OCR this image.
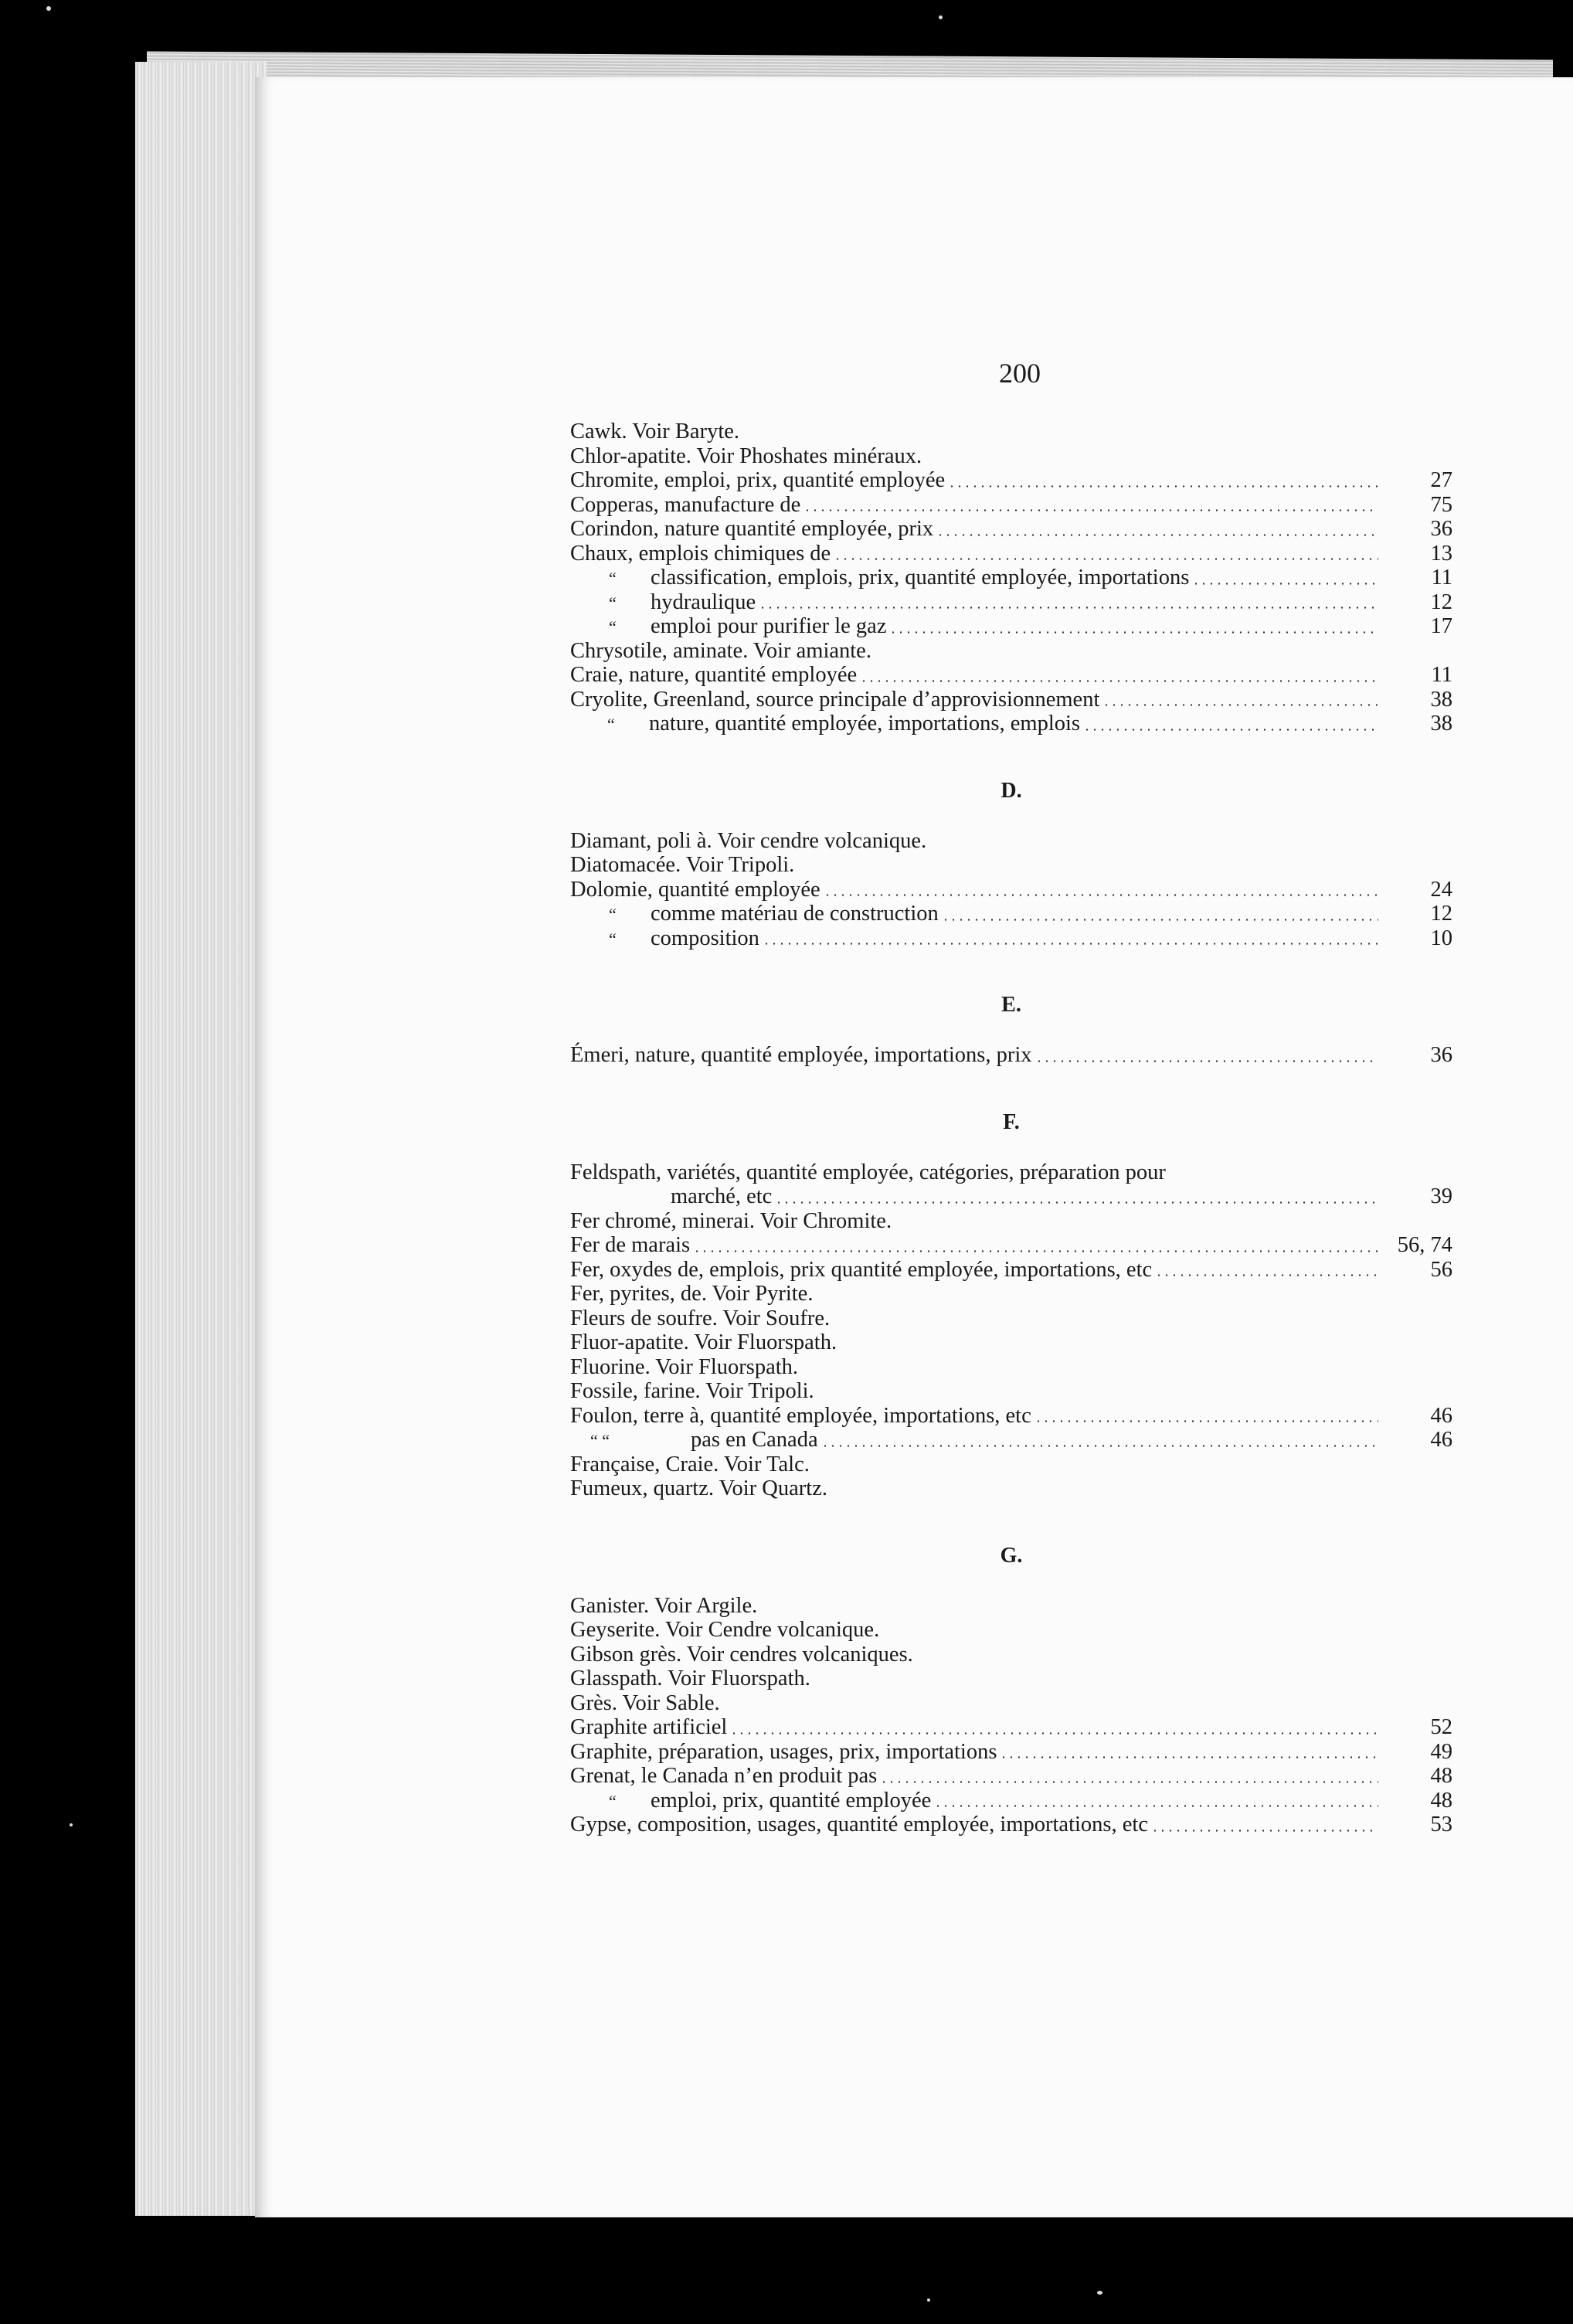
200
Cawk. Voir Baryte.
Chlor-apatite. Voir Phoshates minéraux.
Chromite, emploi, prix, quantité employée	27
Copperas, manufacture de	75
Corindon, nature quantité employée, prix	36
Chaux, emplois chimiques de	13
“ classification, emplois, prix, quantité employée, importations	11
“ hydraulique	12
“ emploi pour purifier le gaz	17
Chrysotile, aminate. Voir amiante.
Craie, nature, quantité employée	11
Cryolite, Greenland, source principale d’approvisionnement	38
“ nature, quantité employée, importations, emplois	38
D.
Diamant, poli à. Voir cendre volcanique.
Diatomacée. Voir Tripoli.
Dolomie, quantité employée	24
“ comme matériau de construction	12
“ composition	10
E.
Émeri, nature, quantité employée, importations, prix	36
F.
Feldspath, variétés, quantité employée, catégories, préparation pour
marché, etc	39
Fer chromé, minerai. Voir Chromite.
Fer de marais	56, 74
Fer, oxydes de, emplois, prix quantité employée, importations, etc	56
Fer, pyrites, de. Voir Pyrite.
Fleurs de soufre. Voir Soufre.
Fluor-apatite. Voir Fluorspath.
Fluorine. Voir Fluorspath.
Fossile, farine. Voir Tripoli.
Foulon, terre à, quantité employée, importations, etc	46
“ “	pas en Canada	46
Française, Craie. Voir Talc.
Fumeux, quartz. Voir Quartz.
G.
Ganister. Voir Argile.
Geyserite. Voir Cendre volcanique.
Gibson grès. Voir cendres volcaniques.
Glasspath. Voir Fluorspath.
Grès. Voir Sable.
Graphite artificiel	52
Graphite, préparation, usages, prix, importations	49
Grenat, le Canada n’en produit pas	48
“ emploi, prix, quantité employée	48
Gypse, composition, usages, quantité employée, importations, etc	53
